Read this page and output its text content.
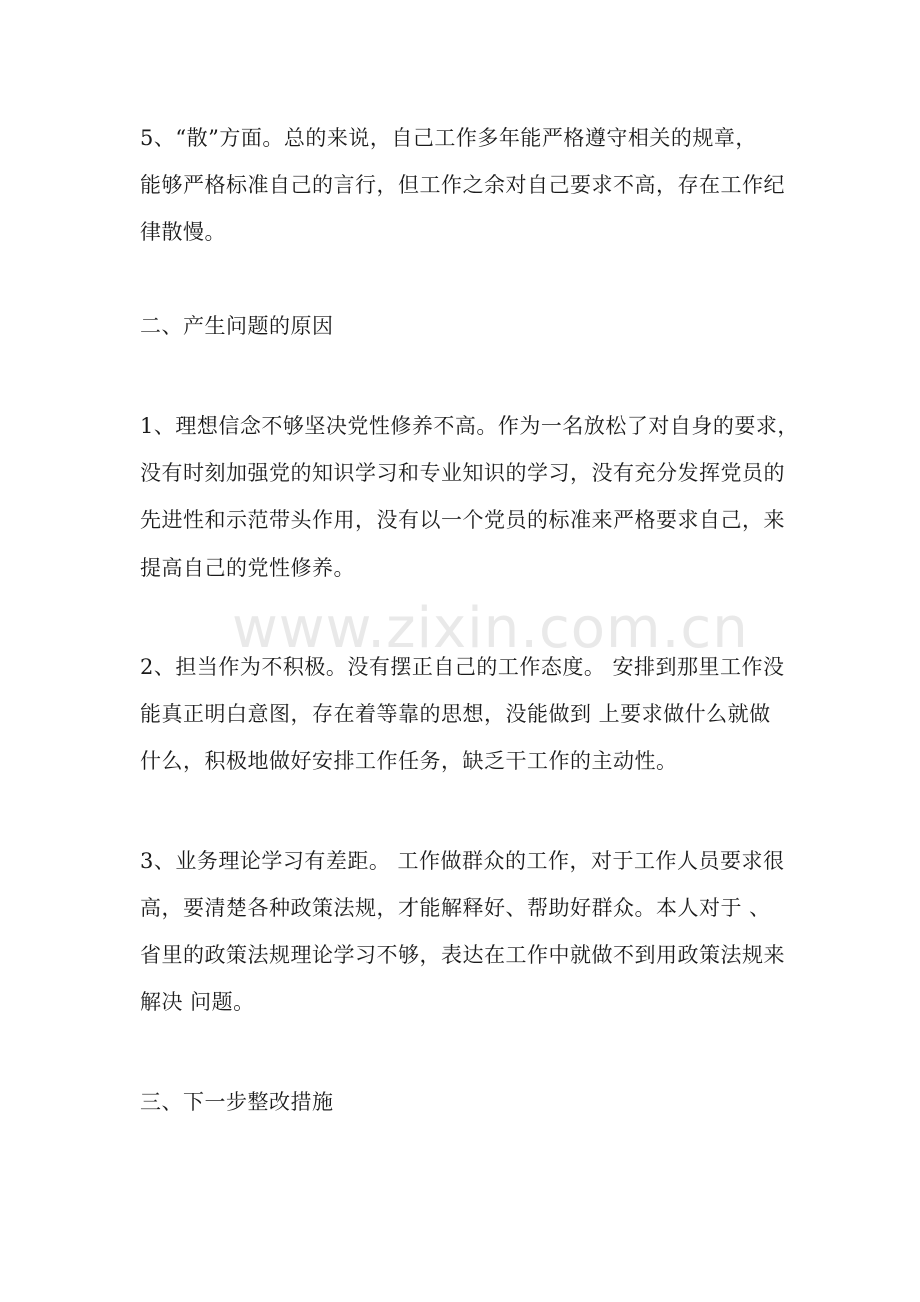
www.zixin.com.cn
5、“散”方面。总的来说，自己工作多年能严格遵守相关的规章，
能够严格标准自己的言行，但工作之余对自己要求不高，存在工作纪
律散慢。
二、产生问题的原因
1、理想信念不够坚决党性修养不高。作为一名放松了对自身的要求，
没有时刻加强党的知识学习和专业知识的学习，没有充分发挥党员的
先进性和示范带头作用，没有以一个党员的标准来严格要求自己，来
提高自己的党性修养。
2、担当作为不积极。没有摆正自己的工作态度。 安排到那里工作没
能真正明白意图，存在着等靠的思想，没能做到 上要求做什么就做
什么，积极地做好安排工作任务，缺乏干工作的主动性。
3、业务理论学习有差距。 工作做群众的工作，对于工作人员要求很
高，要清楚各种政策法规，才能解释好、帮助好群众。本人对于 、
省里的政策法规理论学习不够，表达在工作中就做不到用政策法规来
解决 问题。
三、下一步整改措施
